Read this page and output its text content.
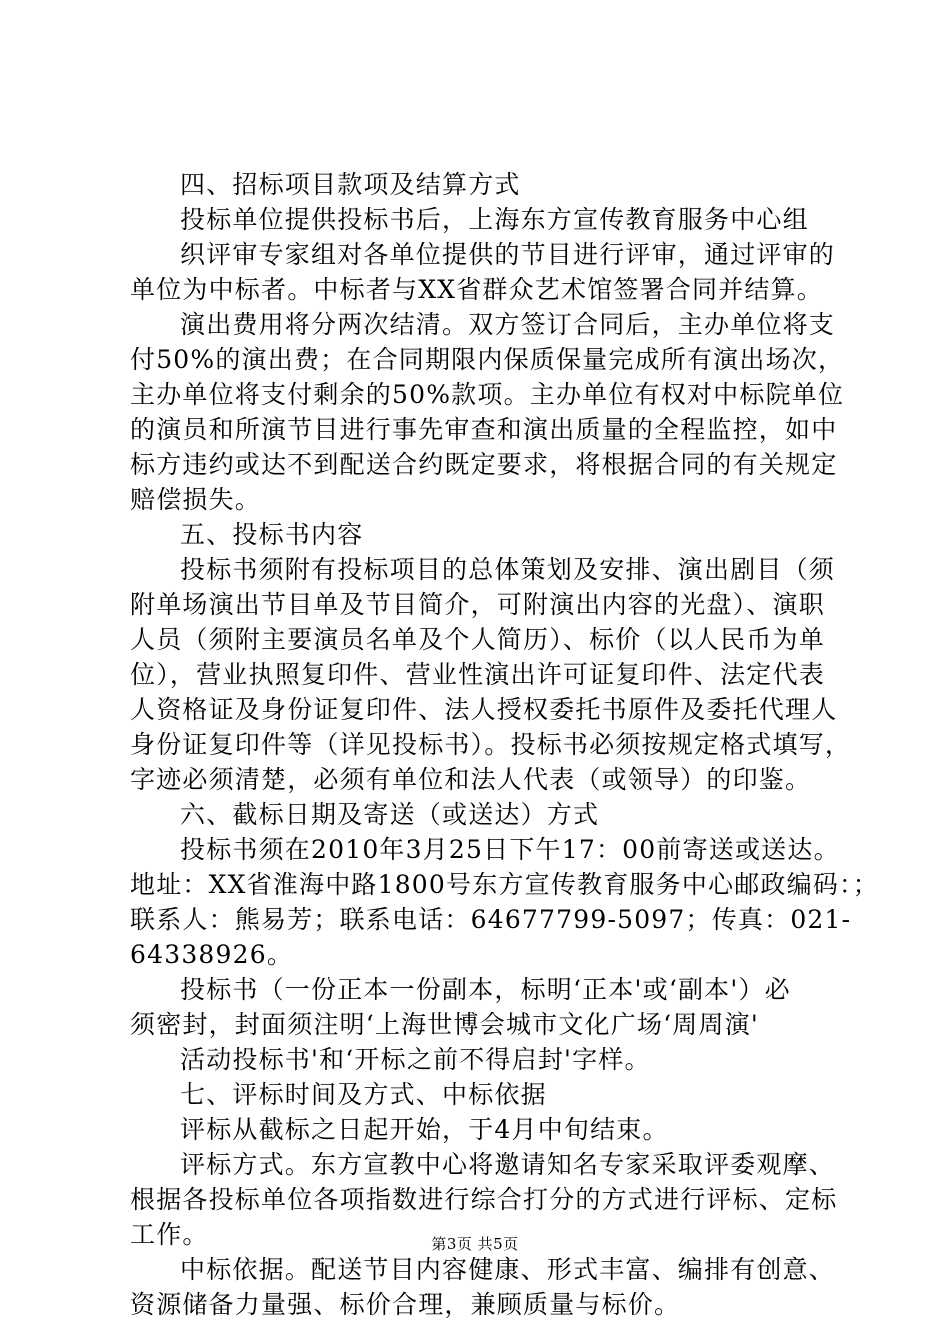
四、招标项目款项及结算方式
投标单位提供投标书后，上海东方宣传教育服务中心组
织评审专家组对各单位提供的节目进行评审，通过评审的
单位为中标者。中标者与XX省群众艺术馆签署合同并结算。
演出费用将分两次结清。双方签订合同后，主办单位将支
付50%的演出费；在合同期限内保质保量完成所有演出场次，
主办单位将支付剩余的50%款项。主办单位有权对中标院单位
的演员和所演节目进行事先审查和演出质量的全程监控，如中
标方违约或达不到配送合约既定要求，将根据合同的有关规定
赔偿损失。
五、投标书内容
投标书须附有投标项目的总体策划及安排、演出剧目（须
附单场演出节目单及节目简介，可附演出内容的光盘）、演职
人员（须附主要演员名单及个人简历）、标价（以人民币为单
位），营业执照复印件、营业性演出许可证复印件、法定代表
人资格证及身份证复印件、法人授权委托书原件及委托代理人
身份证复印件等（详见投标书）。投标书必须按规定格式填写，
字迹必须清楚，必须有单位和法人代表（或领导）的印鉴。
六、截标日期及寄送（或送达）方式
投标书须在2010年3月25日下午17：00前寄送或送达。
地址：XX省淮海中路1800号东方宣传教育服务中心邮政编码：；
联系人：熊易芳；联系电话：64677799-5097；传真：021-
64338926。
投标书（一份正本一份副本，标明‘正本'或‘副本'）必
须密封，封面须注明‘上海世博会城市文化广场‘周周演'
活动投标书'和‘开标之前不得启封'字样。
七、评标时间及方式、中标依据
评标从截标之日起开始，于4月中旬结束。
评标方式。东方宣教中心将邀请知名专家采取评委观摩、
根据各投标单位各项指数进行综合打分的方式进行评标、定标
工作。
中标依据。配送节目内容健康、形式丰富、编排有创意、
资源储备力量强、标价合理，兼顾质量与标价。
第3页 共5页
